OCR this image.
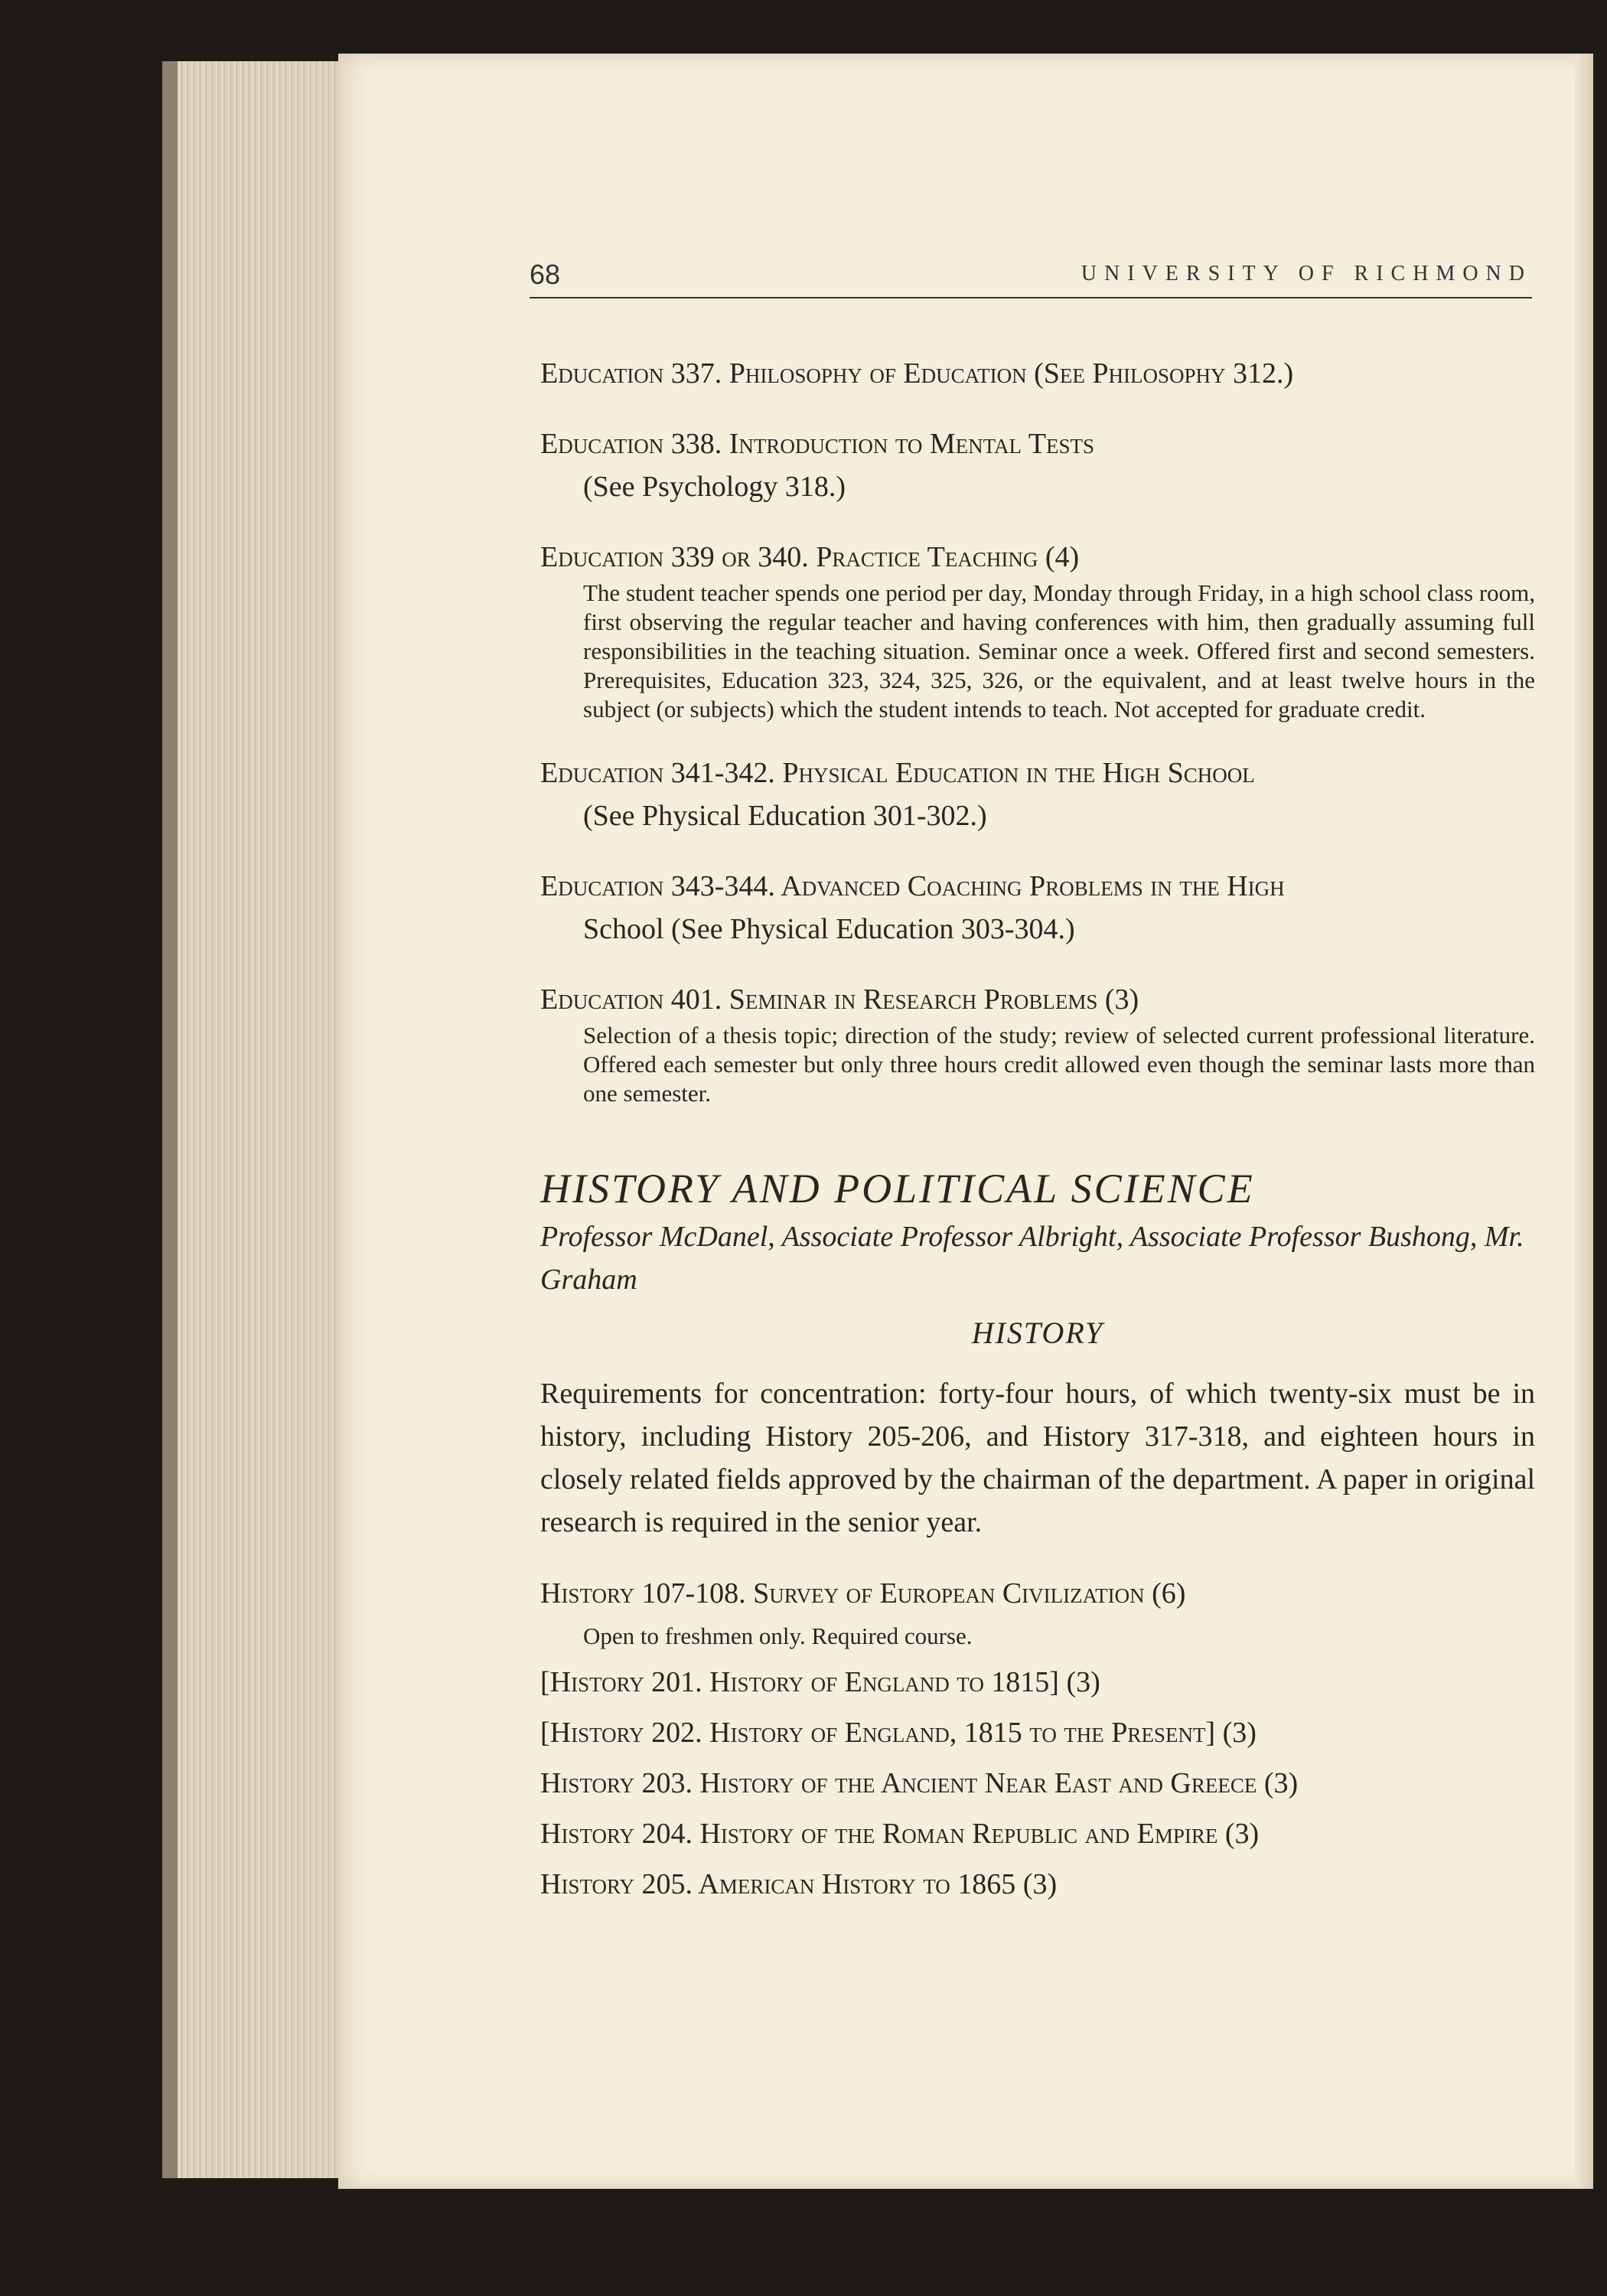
68	UNIVERSITY OF RICHMOND
Education 337. Philosophy of Education (See Philosophy 312.)
Education 338. Introduction to Mental Tests
(See Psychology 318.)
Education 339 or 340. Practice Teaching (4)
The student teacher spends one period per day, Monday through Friday, in a high school class room, first observing the regular teacher and having conferences with him, then gradually assuming full responsibilities in the teaching situation. Seminar once a week. Offered first and second semesters. Prerequisites, Education 323, 324, 325, 326, or the equivalent, and at least twelve hours in the subject (or subjects) which the student intends to teach. Not accepted for graduate credit.
Education 341-342. Physical Education in the High School
(See Physical Education 301-302.)
Education 343-344. Advanced Coaching Problems in the High
School (See Physical Education 303-304.)
Education 401. Seminar in Research Problems (3)
Selection of a thesis topic; direction of the study; review of selected current professional literature. Offered each semester but only three hours credit allowed even though the seminar lasts more than one semester.
HISTORY AND POLITICAL SCIENCE
Professor McDanel, Associate Professor Albright, Associate Professor Bushong, Mr. Graham
HISTORY
Requirements for concentration: forty-four hours, of which twenty-six must be in history, including History 205-206, and History 317-318, and eighteen hours in closely related fields approved by the chairman of the department. A paper in original research is required in the senior year.
History 107-108. Survey of European Civilization (6)
Open to freshmen only. Required course.
[History 201. History of England to 1815] (3)
[History 202. History of England, 1815 to the Present] (3)
History 203. History of the Ancient Near East and Greece (3)
History 204. History of the Roman Republic and Empire (3)
History 205. American History to 1865 (3)
